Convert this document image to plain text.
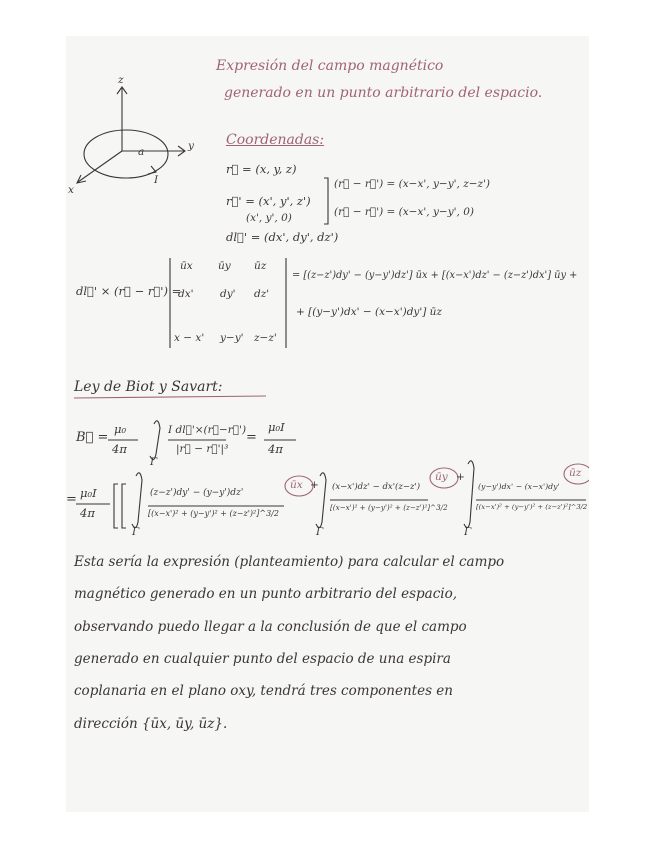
Expresión del campo magnético
generado en un punto arbitrario del espacio.
z
y
x
a
I
Coordenadas:
r⃗ = (x, y, z)
r⃗' = (x', y', z')
(x', y', 0)
dl⃗' = (dx', dy', dz')
(r⃗ − r⃗') = (x−x', y−y', z−z')
(r⃗ − r⃗') = (x−x', y−y', 0)
dl⃗' × (r⃗ − r⃗') =
ūx ūy ūz
dx'	dy' dz'
x − x' y−y' z−z'
= [(z−z')dy' − (y−y')dz'] ūx + [(x−x')dz' − (z−z')dx'] ūy +
+ [(y−y')dx' − (x−x')dy'] ūz
Ley de Biot y Savart:
B⃗ =
μ₀
4π
I dl⃗'×(r⃗−r⃗')
|r⃗ − r⃗'|³
Γ
=
μ₀I
4π
= μ₀I
4π
Γ
(z−z')dy' − (y−y')dz'
[(x−x')² + (y−y')² + (z−z')²]^3/2
ūx +
Γ
(x−x')dz' − dx'(z−z')
[(x−x')² + (y−y')² + (z−z')²]^3/2
ūy +
Γ
(y−y')dx' − (x−x')dy'
[(x−x')² + (y−y')² + (z−z')²]^3/2
ūz
Esta sería la expresión (planteamiento) para calcular el campo
magnético generado en un punto arbitrario del espacio,
observando puedo llegar a la conclusión de que el campo
generado en cualquier punto del espacio de una espira
coplanaria en el plano oxy, tendrá tres componentes en
dirección {ūx, ūy, ūz}.
